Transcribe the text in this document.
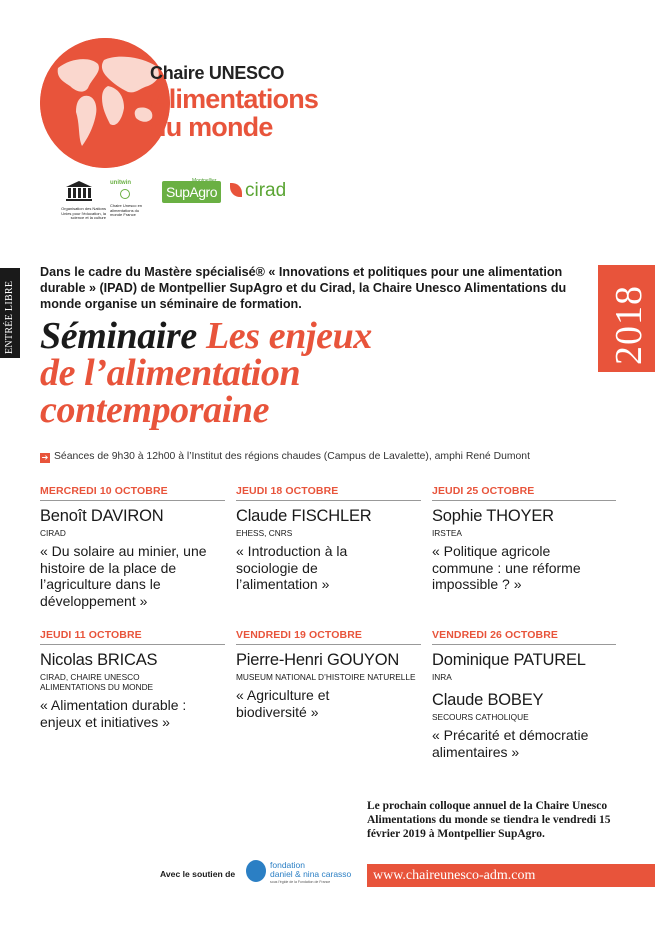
Chaire UNESCO
Alimentations
du monde
Organisation des Nations Unies pour l'éducation, la science et la culture
unitwin
Chaire Unesco en alimentations du monde France
SupAgro	cirad
ENTRÉE LIBRE	2018
Dans le cadre du Mastère spécialisé® « Innovations et politiques pour une alimentation durable » (IPAD) de Montpellier SupAgro et du Cirad, la Chaire Unesco Alimentations du monde organise un séminaire de formation.
Séminaire Les enjeux
de l’alimentation
contemporaine
➔ Séances de 9h30 à 12h00 à l’Institut des régions chaudes (Campus de Lavalette), amphi René Dumont
MERCREDI 10 OCTOBRE
Benoît DAVIRON
CIRAD
« Du solaire au minier, une histoire de la place de l’agriculture dans le développement »
JEUDI 18 OCTOBRE
Claude FISCHLER
EHESS, CNRS
« Introduction à la sociologie de l’alimentation »
JEUDI 25 OCTOBRE
Sophie THOYER
IRSTEA
« Politique agricole commune : une réforme impossible ? »
JEUDI 11 OCTOBRE
Nicolas BRICAS
CIRAD, CHAIRE UNESCO ALIMENTATIONS DU MONDE
« Alimentation durable : enjeux et initiatives »
VENDREDI 19 OCTOBRE
Pierre-Henri GOUYON
MUSEUM NATIONAL D’HISTOIRE NATURELLE
« Agriculture et biodiversité »
VENDREDI 26 OCTOBRE
Dominique PATUREL
INRA
Claude BOBEY
SECOURS CATHOLIQUE
« Précarité et démocratie alimentaires »
Le prochain colloque annuel de la Chaire Unesco Alimentations du monde se tiendra le vendredi 15 février 2019 à Montpellier SupAgro.
Avec le soutien de
fondation
daniel & nina carasso
sous l'égide de la Fondation de France	www.chaireunesco-adm.com
